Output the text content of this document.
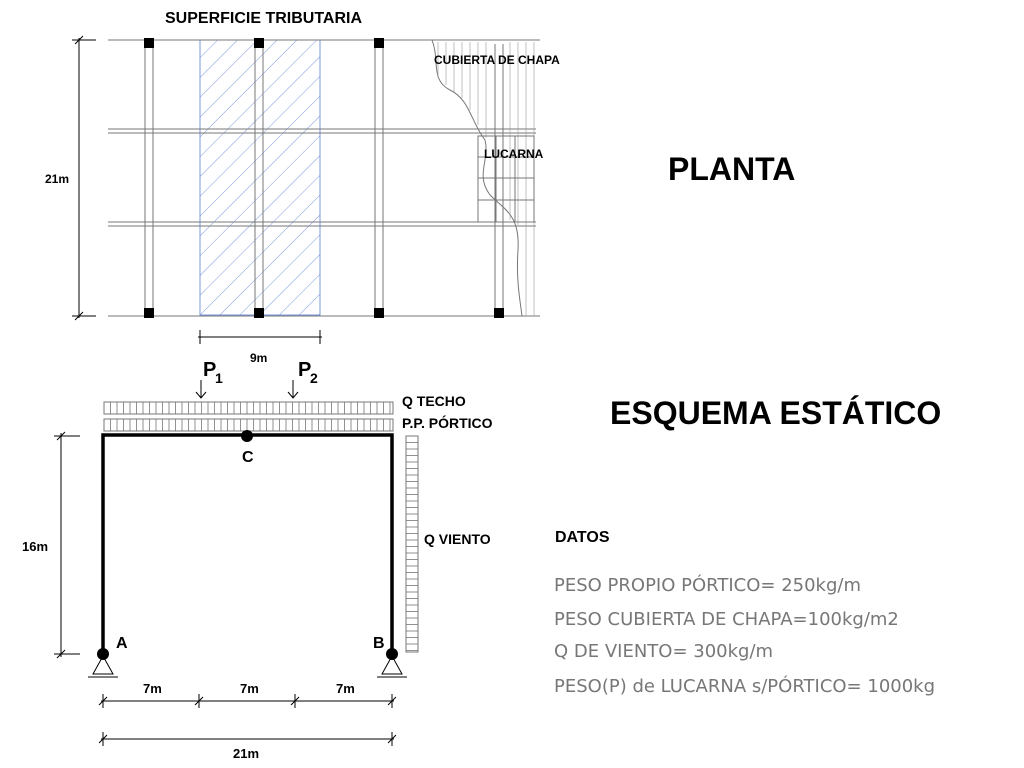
SUPERFICIE TRIBUTARIA
CUBIERTA DE CHAPA
LUCARNA
21m
9m
PLANTA
P
1	P
2
Q TECHO
P.P. PÓRTICO
Q VIENTO
C
A	B
16m
7m	7m	7m
21m
ESQUEMA ESTÁTICO
DATOS
PESO PROPIO PÓRTICO= 250kg/m
PESO CUBIERTA DE CHAPA=100kg/m2
Q DE VIENTO= 300kg/m
PESO(P) de LUCARNA s/PÓRTICO= 1000kg
